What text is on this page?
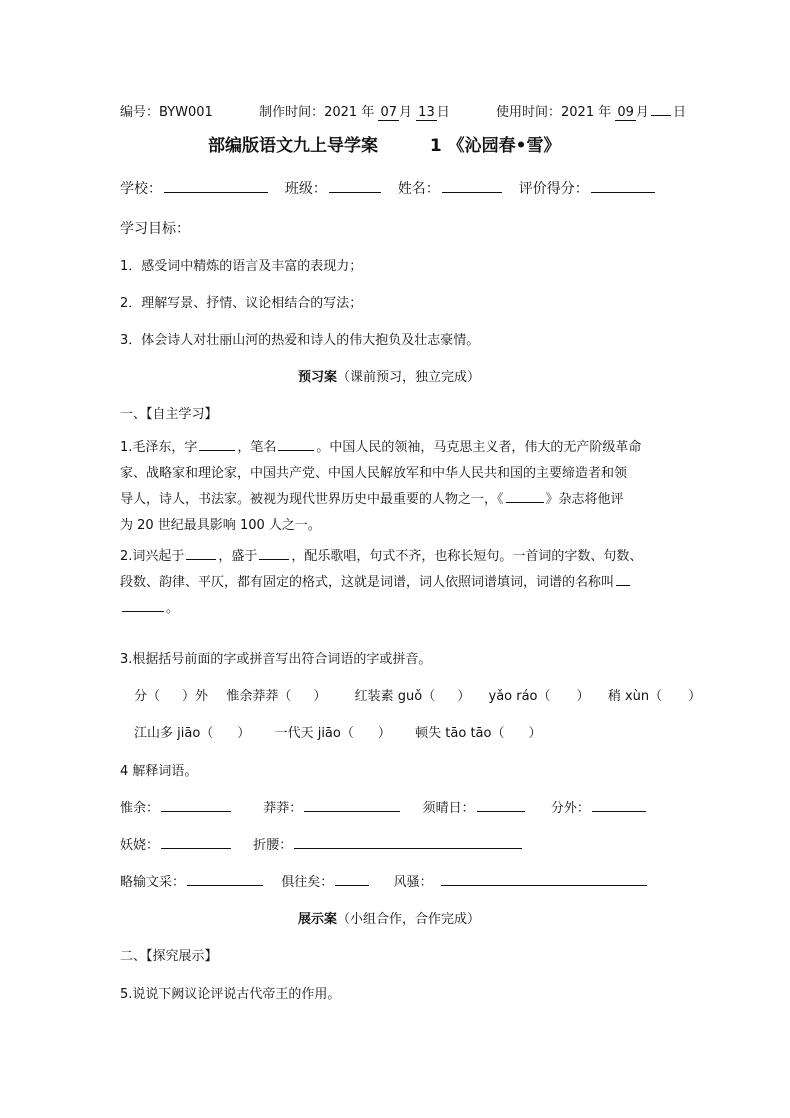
编号：BYW001	制作时间：2021 年 07 月 13 日	使用时间：2021 年 09 月 日
部编版语文九上导学案	1 《沁园春•雪》
学校：	班级：	姓名：	评价得分：
学习目标：
1．感受词中精炼的语言及丰富的表现力；
2．理解写景、抒情、议论相结合的写法；
3．体会诗人对壮丽山河的热爱和诗人的伟大抱负及壮志豪情。
预习案（课前预习，独立完成）
一、【自主学习】
1.毛泽东，字	，笔名	。中国人民的领袖，马克思主义者，伟大的无产阶级革命
家、战略家和理论家，中国共产党、中国人民解放军和中华人民共和国的主要缔造者和领
导人，诗人，书法家。被视为现代世界历史中最重要的人物之一，《	》杂志将他评
为 20 世纪最具影响 100 人之一。
2.词兴起于	，盛于	，配乐歌唱，句式不齐，也称长短句。一首词的字数、句数、
段数、韵律、平仄，都有固定的格式，这就是词谱，词人依照词谱填词，词谱的名称叫
。
3.根据括号前面的字或拼音写出符合词语的字或拼音。
分（ ）外 惟余莽莽（ ） 红装素 guǒ（ ） yǎo ráo（ ） 稍 xùn（ ）
江山多 jiāo（ ） 一代天 jiāo（ ） 顿失 tāo tāo（ ）
4 解释词语。
惟余：	莽莽：	须晴日：	分外：
妖娆：	折腰：
略输文采：	俱往矣：	风骚：
展示案（小组合作，合作完成）
二、【探究展示】
5.说说下阙议论评说古代帝王的作用。
